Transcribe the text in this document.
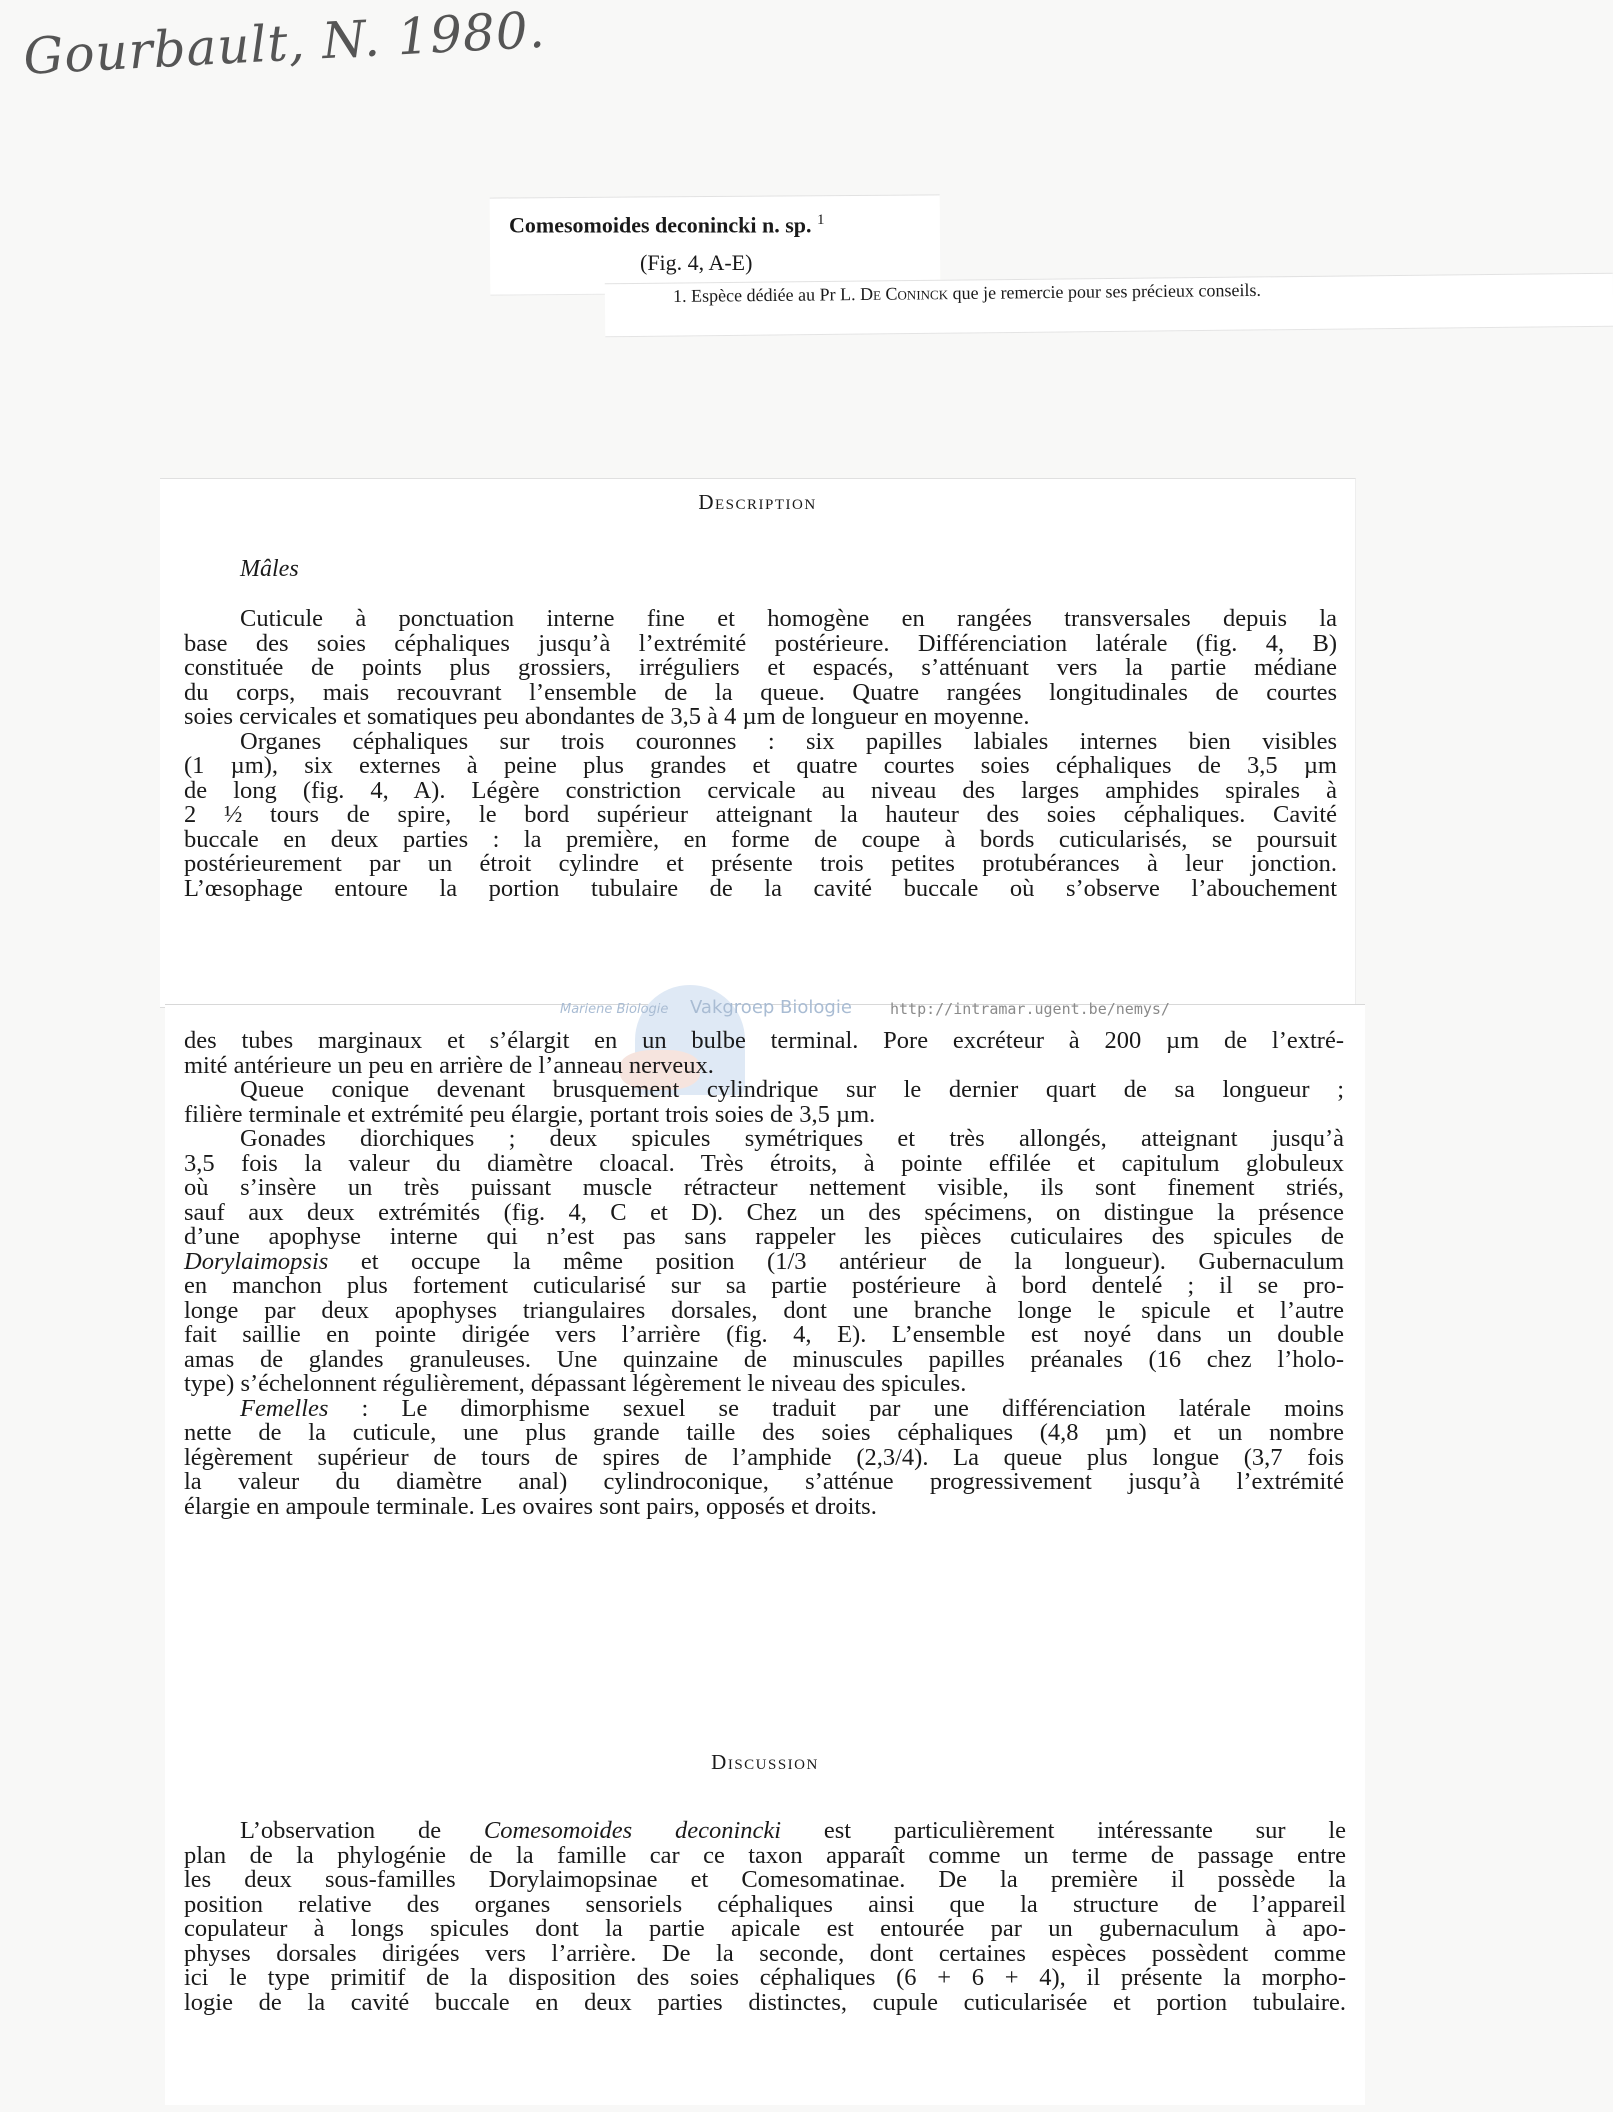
Gourbault, N. 1980.
Comesomoides deconincki n. sp. $^1$
(Fig. 4, A-E)
1. Espèce dédiée au Pr L. De Coninck que je remercie pour ses précieux conseils.
Description
Mâles
Cuticule à ponctuation interne fine et homogène en rangées transversales depuis la
base des soies céphaliques jusqu’à l’extrémité postérieure. Différenciation latérale (fig. 4, B)
constituée de points plus grossiers, irréguliers et espacés, s’atténuant vers la partie médiane
du corps, mais recouvrant l’ensemble de la queue. Quatre rangées longitudinales de courtes
soies cervicales et somatiques peu abondantes de 3,5 à 4 µm de longueur en moyenne.
Organes céphaliques sur trois couronnes : six papilles labiales internes bien visibles
(1 µm), six externes à peine plus grandes et quatre courtes soies céphaliques de 3,5 µm
de long (fig. 4, A). Légère constriction cervicale au niveau des larges amphides spirales à
2 ½ tours de spire, le bord supérieur atteignant la hauteur des soies céphaliques. Cavité
buccale en deux parties : la première, en forme de coupe à bords cuticularisés, se poursuit
postérieurement par un étroit cylindre et présente trois petites protubérances à leur jonction.
L’œsophage entoure la portion tubulaire de la cavité buccale où s’observe l’abouchement
des tubes marginaux et s’élargit en un bulbe terminal. Pore excréteur à 200 µm de l’extré-
mité antérieure un peu en arrière de l’anneau nerveux.
Queue conique devenant brusquement cylindrique sur le dernier quart de sa longueur ;
filière terminale et extrémité peu élargie, portant trois soies de 3,5 µm.
Gonades diorchiques ; deux spicules symétriques et très allongés, atteignant jusqu’à
3,5 fois la valeur du diamètre cloacal. Très étroits, à pointe effilée et capitulum globuleux
où s’insère un très puissant muscle rétracteur nettement visible, ils sont finement striés,
sauf aux deux extrémités (fig. 4, C et D). Chez un des spécimens, on distingue la présence
d’une apophyse interne qui n’est pas sans rappeler les pièces cuticulaires des spicules de
Dorylaimopsis et occupe la même position (1/3 antérieur de la longueur). Gubernaculum
en manchon plus fortement cuticularisé sur sa partie postérieure à bord dentelé ; il se pro-
longe par deux apophyses triangulaires dorsales, dont une branche longe le spicule et l’autre
fait saillie en pointe dirigée vers l’arrière (fig. 4, E). L’ensemble est noyé dans un double
amas de glandes granuleuses. Une quinzaine de minuscules papilles préanales (16 chez l’holo-
type) s’échelonnent régulièrement, dépassant légèrement le niveau des spicules.
Femelles : Le dimorphisme sexuel se traduit par une différenciation latérale moins
nette de la cuticule, une plus grande taille des soies céphaliques (4,8 µm) et un nombre
légèrement supérieur de tours de spires de l’amphide (2,3/4). La queue plus longue (3,7 fois
la valeur du diamètre anal) cylindroconique, s’atténue progressivement jusqu’à l’extrémité
élargie en ampoule terminale. Les ovaires sont pairs, opposés et droits.
Discussion
L’observation de Comesomoides deconincki est particulièrement intéressante sur le
plan de la phylogénie de la famille car ce taxon apparaît comme un terme de passage entre
les deux sous-familles Dorylaimopsinae et Comesomatinae. De la première il possède la
position relative des organes sensoriels céphaliques ainsi que la structure de l’appareil
copulateur à longs spicules dont la partie apicale est entourée par un gubernaculum à apo-
physes dorsales dirigées vers l’arrière. De la seconde, dont certaines espèces possèdent comme
ici le type primitif de la disposition des soies céphaliques (6 + 6 + 4), il présente la morpho-
logie de la cavité buccale en deux parties distinctes, cupule cuticularisée et portion tubulaire.
Mariene Biologie Vakgroep Biologie	http://intramar.ugent.be/nemys/
